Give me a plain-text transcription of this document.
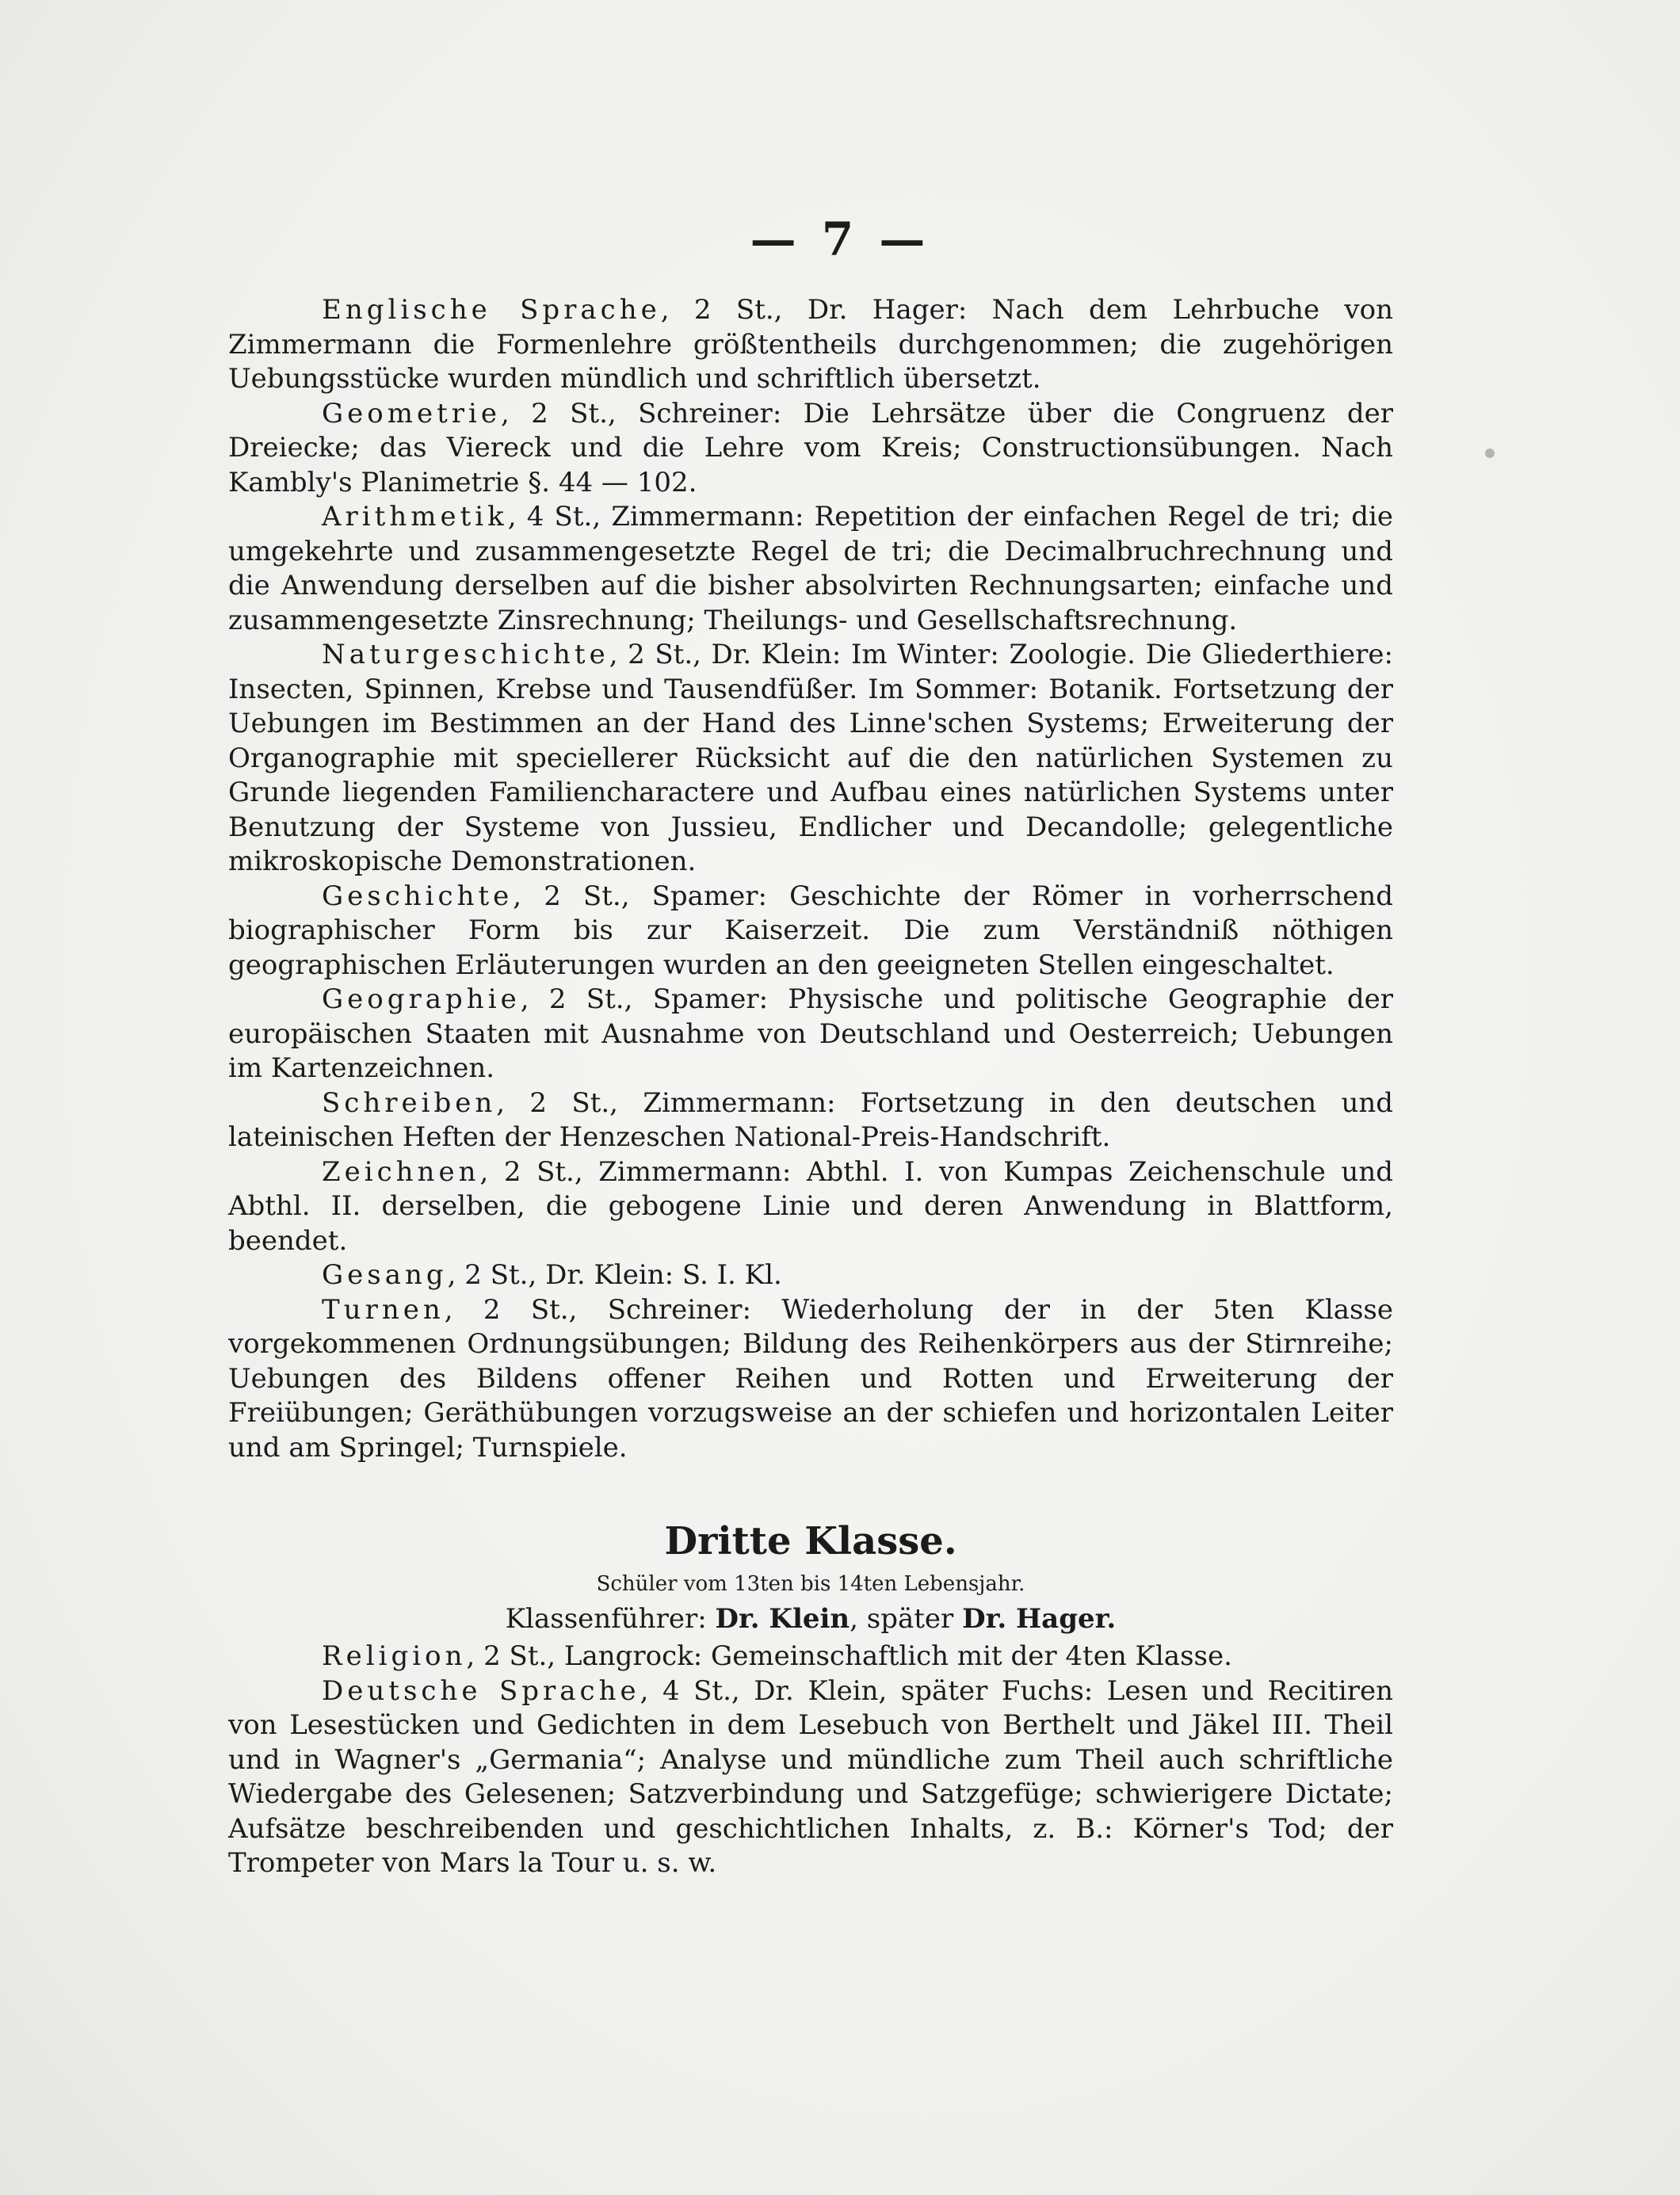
— 7 —

Englische Sprache, 2 St., Dr. Hager: Nach dem Lehrbuche von Zimmermann die Formenlehre größtentheils durchgenommen; die zugehörigen Uebungsstücke wurden mündlich und schriftlich übersetzt.

Geometrie, 2 St., Schreiner: Die Lehrsätze über die Congruenz der Dreiecke; das Viereck und die Lehre vom Kreis; Constructionsübungen. Nach Kambly's Planimetrie §. 44 — 102.

Arithmetik, 4 St., Zimmermann: Repetition der einfachen Regel de tri; die umgekehrte und zusammengesetzte Regel de tri; die Decimalbruchrechnung und die Anwendung derselben auf die bisher absolvirten Rechnungsarten; einfache und zusammengesetzte Zinsrechnung; Theilungs- und Gesellschaftsrechnung.

Naturgeschichte, 2 St., Dr. Klein: Im Winter: Zoologie. Die Gliederthiere: Insecten, Spinnen, Krebse und Tausendfüßer. Im Sommer: Botanik. Fortsetzung der Uebungen im Bestimmen an der Hand des Linne'schen Systems; Erweiterung der Organographie mit speciellerer Rücksicht auf die den natürlichen Systemen zu Grunde liegenden Familiencharactere und Aufbau eines natürlichen Systems unter Benutzung der Systeme von Jussieu, Endlicher und Decandolle; gelegentliche mikroskopische Demonstrationen.

Geschichte, 2 St., Spamer: Geschichte der Römer in vorherrschend biographischer Form bis zur Kaiserzeit. Die zum Verständniß nöthigen geographischen Erläuterungen wurden an den geeigneten Stellen eingeschaltet.

Geographie, 2 St., Spamer: Physische und politische Geographie der europäischen Staaten mit Ausnahme von Deutschland und Oesterreich; Uebungen im Kartenzeichnen.

Schreiben, 2 St., Zimmermann: Fortsetzung in den deutschen und lateinischen Heften der Henzeschen National-Preis-Handschrift.

Zeichnen, 2 St., Zimmermann: Abthl. I. von Kumpas Zeichenschule und Abthl. II. derselben, die gebogene Linie und deren Anwendung in Blattform, beendet.

Gesang, 2 St., Dr. Klein: S. I. Kl.

Turnen, 2 St., Schreiner: Wiederholung der in der 5ten Klasse vorgekommenen Ordnungsübungen; Bildung des Reihenkörpers aus der Stirnreihe; Uebungen des Bildens offener Reihen und Rotten und Erweiterung der Freiübungen; Geräthübungen vorzugsweise an der schiefen und horizontalen Leiter und am Springel; Turnspiele.

Dritte Klasse.

Schüler vom 13ten bis 14ten Lebensjahr.

Klassenführer: Dr. Klein, später Dr. Hager.

Religion, 2 St., Langrock: Gemeinschaftlich mit der 4ten Klasse.

Deutsche Sprache, 4 St., Dr. Klein, später Fuchs: Lesen und Recitiren von Lesestücken und Gedichten in dem Lesebuch von Berthelt und Jäkel III. Theil und in Wagner's „Germania“; Analyse und mündliche zum Theil auch schriftliche Wiedergabe des Gelesenen; Satzverbindung und Satzgefüge; schwierigere Dictate; Aufsätze beschreibenden und geschichtlichen Inhalts, z. B.: Körner's Tod; der Trompeter von Mars la Tour u. s. w.
